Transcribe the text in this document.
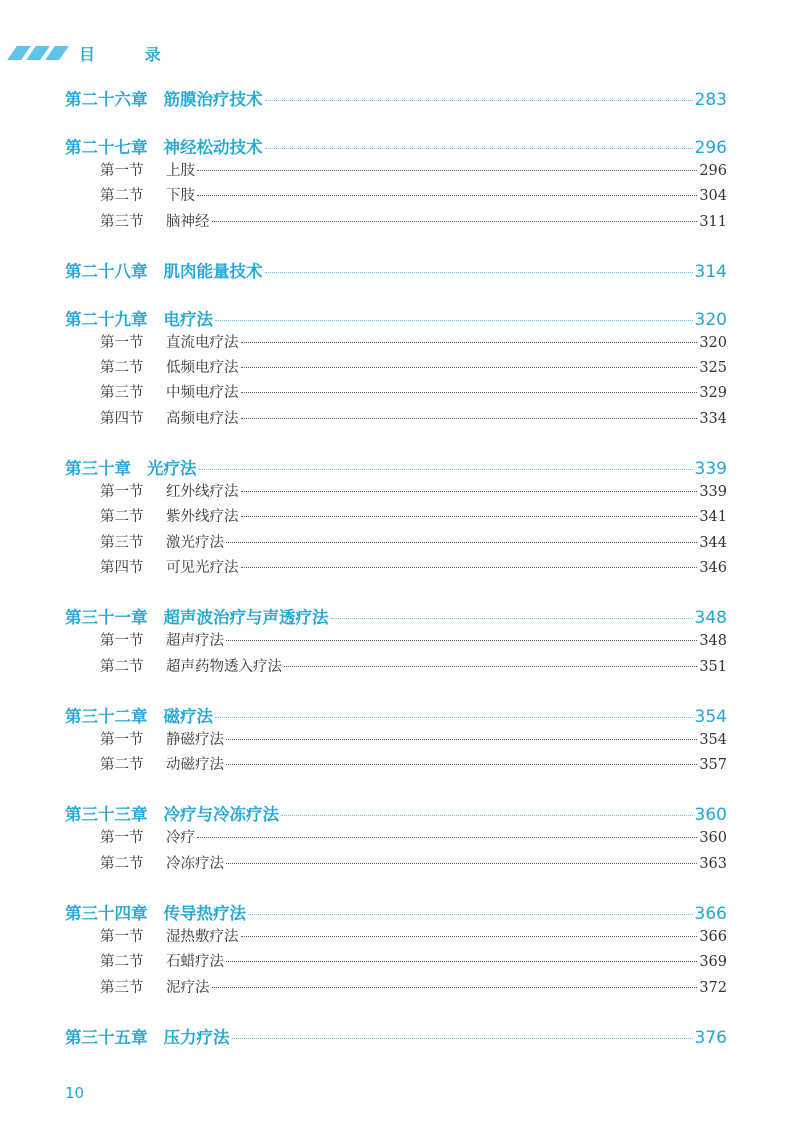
目 录
第二十六章 筋膜治疗技术	283
第二十七章 神经松动技术	296
第一节	上肢	296
第二节	下肢	304
第三节	脑神经	311
第二十八章 肌肉能量技术	314
第二十九章 电疗法	320
第一节	直流电疗法	320
第二节	低频电疗法	325
第三节	中频电疗法	329
第四节	高频电疗法	334
第三十章 光疗法	339
第一节	红外线疗法	339
第二节	紫外线疗法	341
第三节	激光疗法	344
第四节	可见光疗法	346
第三十一章 超声波治疗与声透疗法	348
第一节	超声疗法	348
第二节	超声药物透入疗法	351
第三十二章 磁疗法	354
第一节	静磁疗法	354
第二节	动磁疗法	357
第三十三章 冷疗与冷冻疗法	360
第一节	冷疗	360
第二节	冷冻疗法	363
第三十四章 传导热疗法	366
第一节	湿热敷疗法	366
第二节	石蜡疗法	369
第三节	泥疗法	372
第三十五章 压力疗法	376
10
